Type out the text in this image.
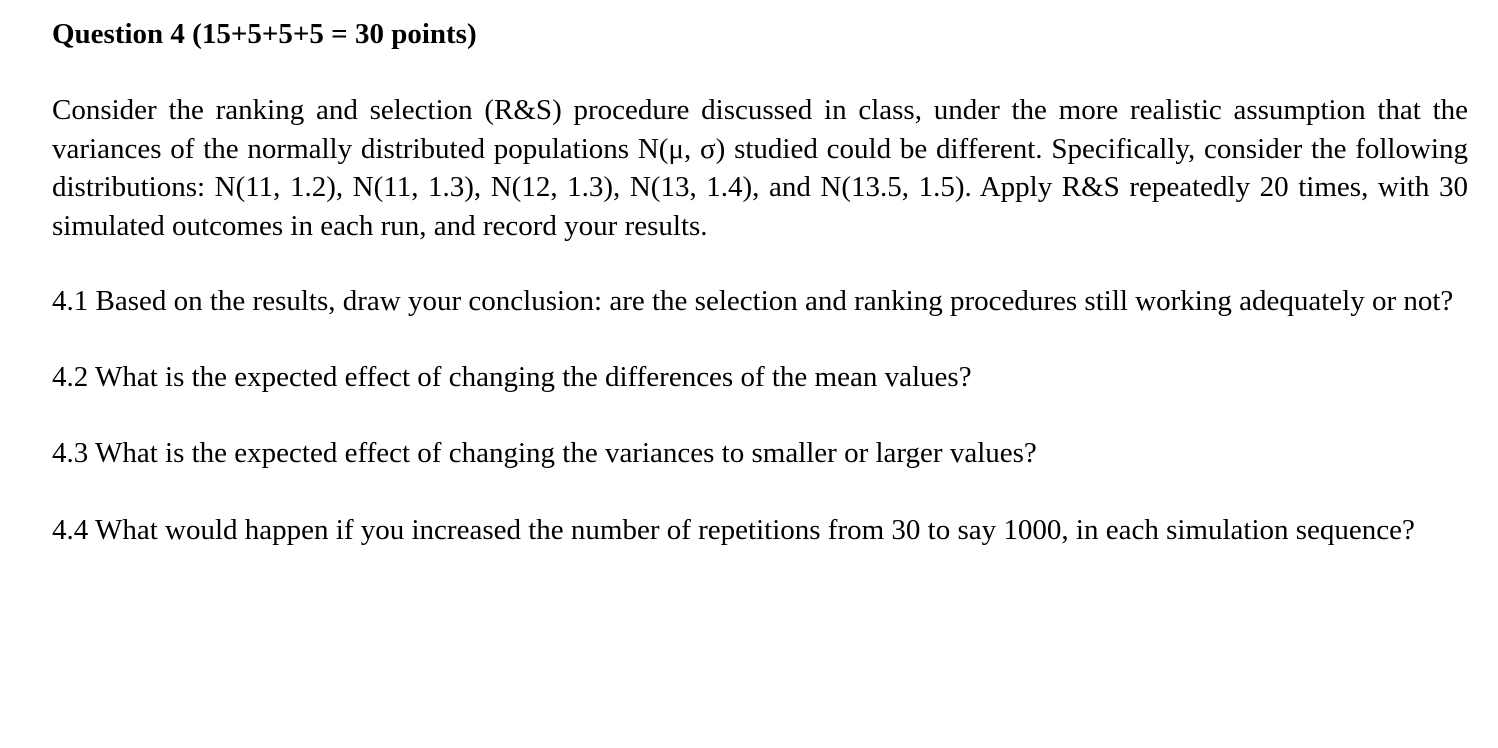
Question 4 (15+5+5+5 = 30 points)

Consider the ranking and selection (R&S) procedure discussed in class, under the more realistic assumption that the variances of the normally distributed populations N(μ, σ) studied could be different. Specifically, consider the following distributions: N(11, 1.2), N(11, 1.3), N(12, 1.3), N(13, 1.4), and N(13.5, 1.5). Apply R&S repeatedly 20 times, with 30 simulated outcomes in each run, and record your results.

4.1 Based on the results, draw your conclusion: are the selection and ranking procedures still working adequately or not?

4.2 What is the expected effect of changing the differences of the mean values?

4.3 What is the expected effect of changing the variances to smaller or larger values?

4.4 What would happen if you increased the number of repetitions from 30 to say 1000, in each simulation sequence?
